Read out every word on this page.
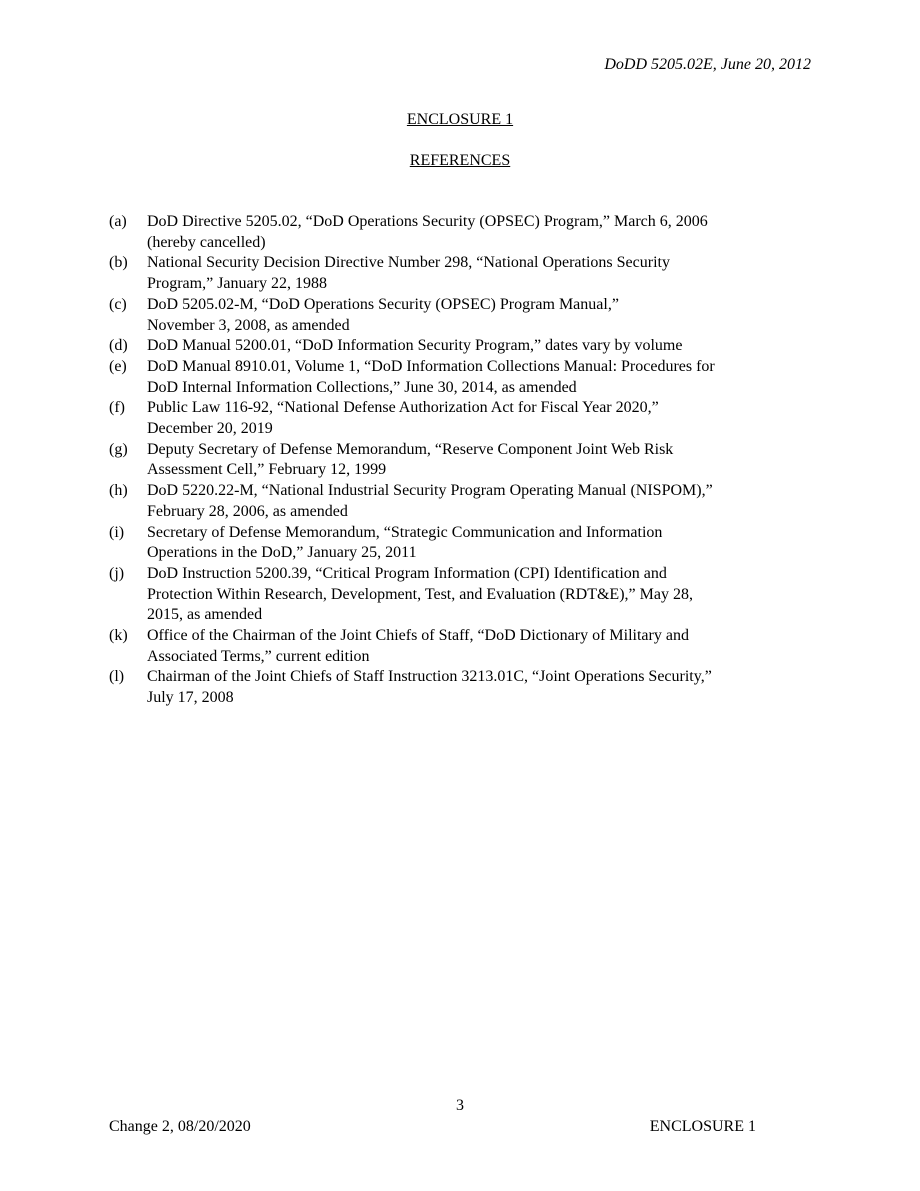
DoDD 5205.02E, June 20, 2012
ENCLOSURE 1
REFERENCES
(a)	DoD Directive 5205.02, “DoD Operations Security (OPSEC) Program,” March 6, 2006
(hereby cancelled)
(b)	National Security Decision Directive Number 298, “National Operations Security
Program,” January 22, 1988
(c)	DoD 5205.02-M, “DoD Operations Security (OPSEC) Program Manual,”
November 3, 2008, as amended
(d)	DoD Manual 5200.01, “DoD Information Security Program,” dates vary by volume
(e)	DoD Manual 8910.01, Volume 1, “DoD Information Collections Manual: Procedures for
DoD Internal Information Collections,” June 30, 2014, as amended
(f)	Public Law 116-92, “National Defense Authorization Act for Fiscal Year 2020,”
December 20, 2019
(g)	Deputy Secretary of Defense Memorandum, “Reserve Component Joint Web Risk
Assessment Cell,” February 12, 1999
(h)	DoD 5220.22-M, “National Industrial Security Program Operating Manual (NISPOM),”
February 28, 2006, as amended
(i)	Secretary of Defense Memorandum, “Strategic Communication and Information
Operations in the DoD,” January 25, 2011
(j)	DoD Instruction 5200.39, “Critical Program Information (CPI) Identification and
Protection Within Research, Development, Test, and Evaluation (RDT&E),” May 28,
2015, as amended
(k)	Office of the Chairman of the Joint Chiefs of Staff, “DoD Dictionary of Military and
Associated Terms,” current edition
(l)	Chairman of the Joint Chiefs of Staff Instruction 3213.01C, “Joint Operations Security,”
July 17, 2008
3
Change 2, 08/20/2020	ENCLOSURE 1
